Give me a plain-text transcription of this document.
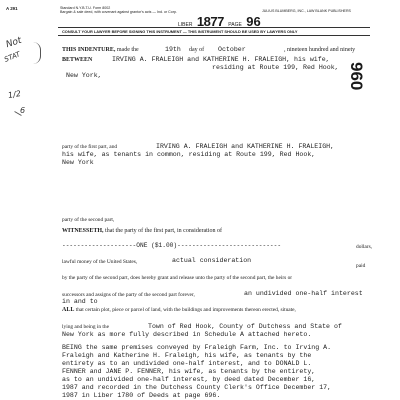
A 291	Standard N.Y.B.T.U. Form 8002
Bargain & sale deed, with covenant against grantor's acts — Ind. or Corp.	JULIUS BLUMBERG, INC., LAW BLANK PUBLISHERS
LIBER 1877 PAGE 96
CONSULT YOUR LAWYER BEFORE SIGNING THIS INSTRUMENT — THIS INSTRUMENT SHOULD BE USED BY LAWYERS ONLY
Not
STAT
1/2
6
960
THIS INDENTURE, made the	19th day of October	, nineteen hundred and ninety
BETWEEN	IRVING A. FRALEIGH and KATHERINE H. FRALEIGH, his wife,
residing at Route 199, Red Hook,
New York,
party of the first part, and	IRVING A. FRALEIGH and KATHERINE H. FRALEIGH,
his wife, as tenants in common, residing at Route 199, Red Hook,
New York
party of the second part,
WITNESSETH, that the party of the first part, in consideration of
--------------------ONE ($1.00)----------------------------	dollars,
lawful money of the United States,	actual consideration
paid
by the party of the second part, does hereby grant and release unto the party of the second part, the heirs or
successors and assigns of the party of the second part forever,	an undivided one-half interest
in and to
ALL that certain plot, piece or parcel of land, with the buildings and improvements thereon erected, situate,
lying and being in the	Town of Red Hook, County of Dutchess and State of
New York as more fully described in Schedule A attached hereto.
BEING the same premises conveyed by Fraleigh Farm, Inc. to Irving A.
Fraleigh and Katherine H. Fraleigh, his wife, as tenants by the
entirety as to an undivided one-half interest, and to DONALD L.
FENNER and JANE P. FENNER, his wife, as tenants by the entirety,
as to an undivided one-half interest, by deed dated December 16,
1987 and recorded in the Dutchess County Clerk's Office December 17,
1987 in Liber 1780 of Deeds at page 696.
